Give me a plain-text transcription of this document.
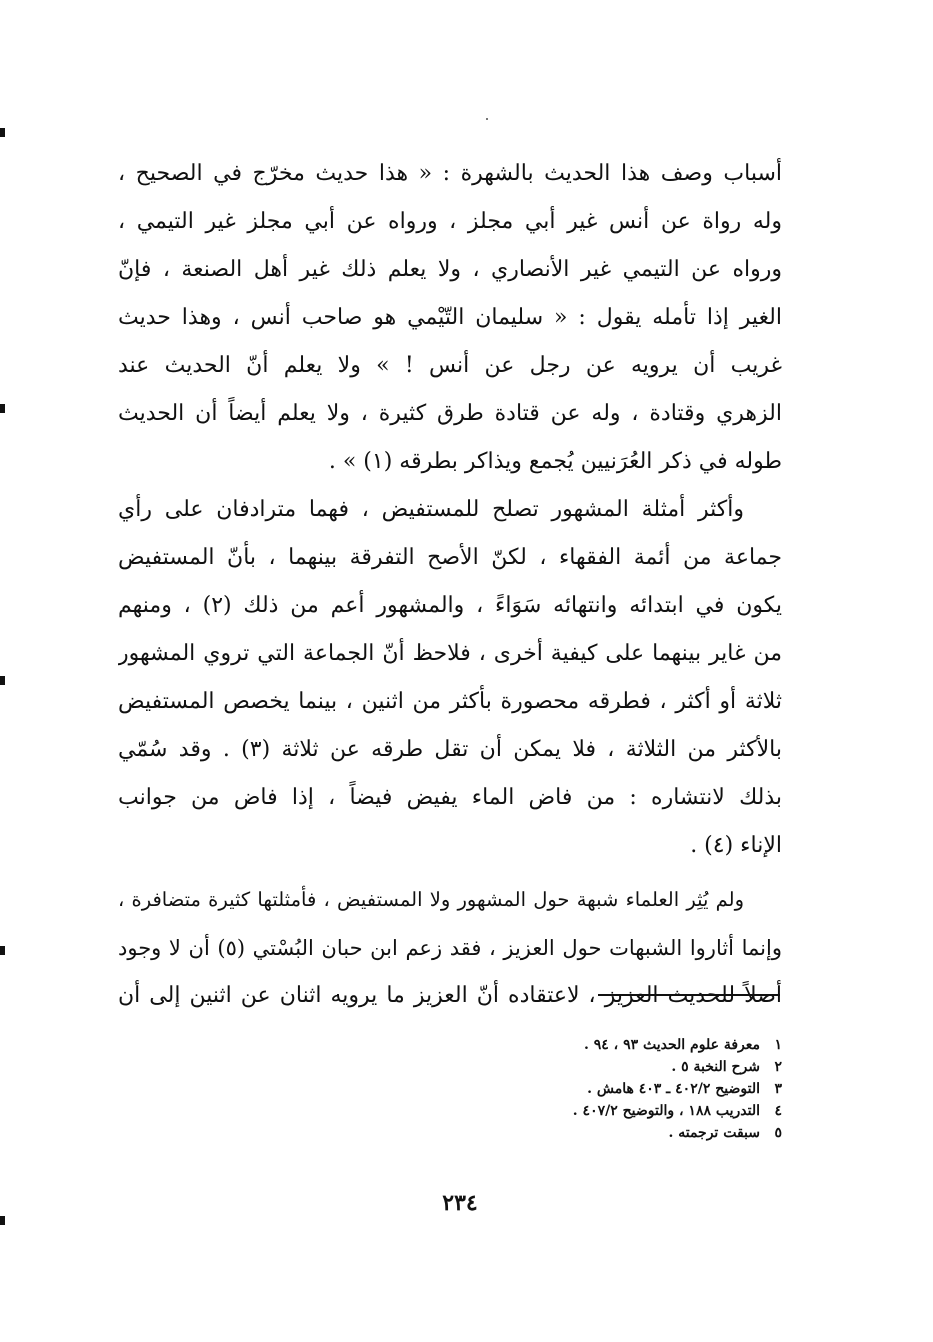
أسباب وصف هذا الحديث بالشهرة : « هذا حديث مخرّج في الصحيح ،
وله رواة عن أنس غير أبي مجلز ، ورواه عن أبي مجلز غير التيمي ،
ورواه عن التيمي غير الأنصاري ، ولا يعلم ذلك غير أهل الصنعة ، فإنّ
الغير إذا تأمله يقول : « سليمان التّيْمي هو صاحب أنس ، وهذا حديث
غريب أن يرويه عن رجل عن أنس ! » ولا يعلم أنّ الحديث عند
الزهري وقتادة ، وله عن قتادة طرق كثيرة ، ولا يعلم أيضاً أن الحديث
طوله في ذكر العُرَنيين يُجمع ويذاكر بطرقه (١) » .
وأكثر أمثلة المشهور تصلح للمستفيض ، فهما مترادفان على رأي
جماعة من أئمة الفقهاء ، لكنّ الأصح التفرقة بينهما ، بأنّ المستفيض
يكون في ابتدائه وانتهائه سَوَاءً ، والمشهور أعم من ذلك (٢) ، ومنهم
من غاير بينهما على كيفية أخرى ، فلاحظ أنّ الجماعة التي تروي المشهور
ثلاثة أو أكثر ، فطرقه محصورة بأكثر من اثنين ، بينما يخصص المستفيض
بالأكثر من الثلاثة ، فلا يمكن أن تقل طرقه عن ثلاثة (٣) . وقد سُمّي
بذلك لانتشاره : من فاض الماء يفيض فيضاً ، إذا فاض من جوانب
الإناء (٤) .
ولم يُثِر العلماء شبهة حول المشهور ولا المستفيض ، فأمثلتها كثيرة متضافرة ،
وإنما أثاروا الشبهات حول العزيز ، فقد زعم ابن حبان البُسْتي (٥) أن لا وجود
أصلاً للحديث العزيز ، لاعتقاده أنّ العزيز ما يرويه اثنان عن اثنين إلى أن
١معرفة علوم الحديث ٩٣ ، ٩٤ .
٢شرح النخبة ٥ .
٣التوضيح ٤٠٢/٢ ـ ٤٠٣ هامش .
٤التدريب ١٨٨ ، والتوضيح ٤٠٧/٢ .
٥سبقت ترجمته .
٢٣٤
